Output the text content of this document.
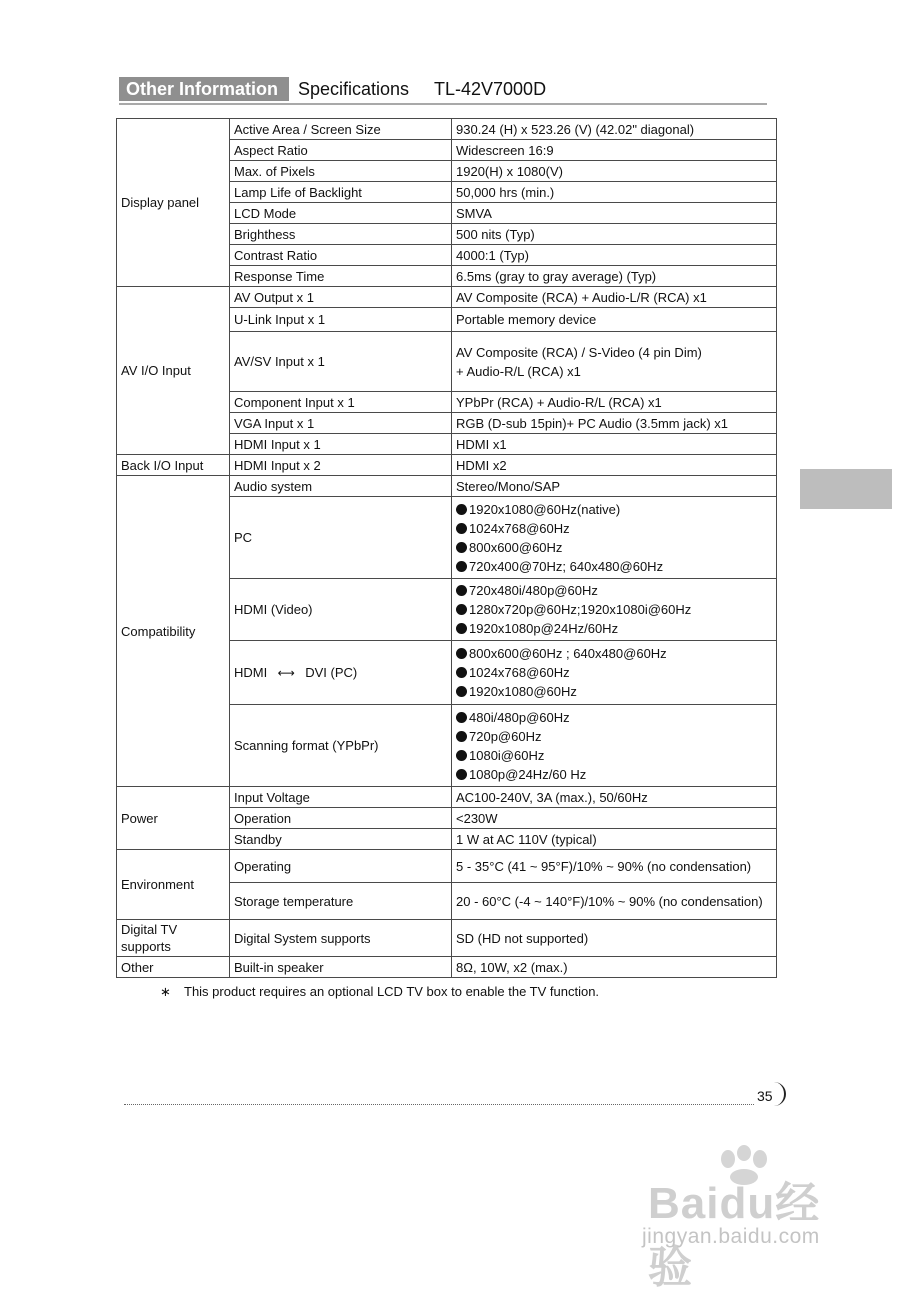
Other Information	Specifications TL-42V7000D
Display panel	Active Area / Screen Size	930.24 (H) x 523.26 (V) (42.02" diagonal)
	Aspect Ratio	Widescreen 16:9
	Max. of Pixels	1920(H) x 1080(V)
	Lamp Life of Backlight	50,000 hrs (min.)
	LCD Mode	SMVA
	Brighthess	500 nits (Typ)
	Contrast Ratio	4000:1 (Typ)
	Response Time	6.5ms (gray to gray average) (Typ)
AV I/O Input	AV Output x 1	AV Composite (RCA) + Audio-L/R (RCA) x1
	U-Link Input x 1	Portable memory device
	AV/SV Input x 1	AV Composite (RCA) / S-Video (4 pin Dim)
+ Audio-R/L (RCA) x1

	Component Input x 1	YPbPr (RCA) + Audio-R/L (RCA) x1
	VGA Input x 1	RGB (D-sub 15pin)+ PC Audio (3.5mm jack) x1
	HDMI Input x 1	HDMI x1
Back I/O Input	HDMI Input x 2	HDMI x2
Compatibility	Audio system	Stereo/Mono/SAP
	PC	1920x1080@60Hz(native)
1024x768@60Hz
800x600@60Hz
720x400@70Hz; 640x480@60Hz

	HDMI (Video)	720x480i/480p@60Hz
1280x720p@60Hz;1920x1080i@60Hz
1920x1080p@24Hz/60Hz

	HDMI ⟷ DVI (PC)	800x600@60Hz ; 640x480@60Hz
1024x768@60Hz
1920x1080@60Hz

	Scanning format (YPbPr)	480i/480p@60Hz
720p@60Hz
1080i@60Hz
1080p@24Hz/60 Hz

Power	Input Voltage	AC100-240V, 3A (max.), 50/60Hz
	Operation	<230W
	Standby	1 W at AC 110V (typical)
Environment	Operating	5 - 35°C (41 ~ 95°F)/10% ~ 90% (no condensation)
	Storage temperature	20 - 60°C (-4 ~ 140°F)/10% ~ 90% (no condensation)
Digital TV supports	Digital System supports	SD (HD not supported)
Other	Built-in speaker	8Ω, 10W, x2 (max.)
∗ This product requires an optional LCD TV box to enable the TV function.
35
Baidu经验
jingyan.baidu.com
